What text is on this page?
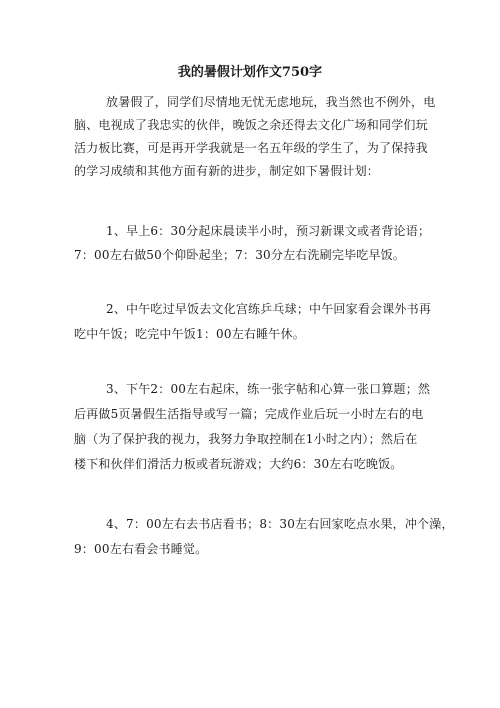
我的暑假计划作文750字
放暑假了，同学们尽情地无忧无虑地玩，我当然也不例外，电
脑、电视成了我忠实的伙伴，晚饭之余还得去文化广场和同学们玩
活力板比赛，可是再开学我就是一名五年级的学生了，为了保持我
的学习成绩和其他方面有新的进步，制定如下暑假计划：
1、早上6：30分起床晨读半小时，预习新课文或者背论语；
7：00左右做50个仰卧起坐；7：30分左右洗刷完毕吃早饭。
2、中午吃过早饭去文化宫练乒乓球；中午回家看会课外书再
吃中午饭；吃完中午饭1：00左右睡午休。
3、下午2：00左右起床，练一张字帖和心算一张口算题；然
后再做5页暑假生活指导或写一篇；完成作业后玩一小时左右的电
脑（为了保护我的视力，我努力争取控制在1小时之内）；然后在
楼下和伙伴们滑活力板或者玩游戏；大约6：30左右吃晚饭。
4、7：00左右去书店看书；8：30左右回家吃点水果，冲个澡，
9：00左右看会书睡觉。
